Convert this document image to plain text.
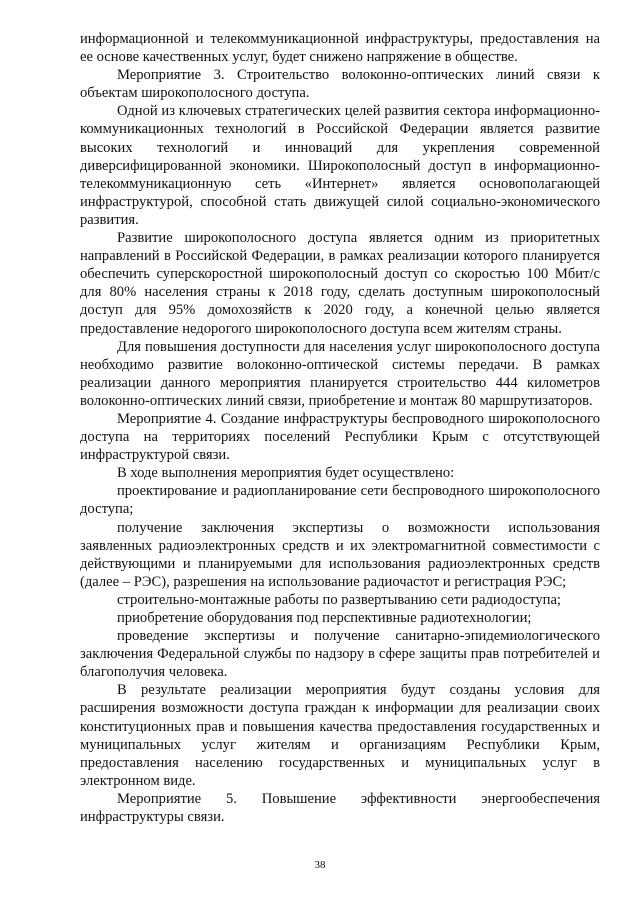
информационной и телекоммуникационной инфраструктуры, предоставления на ее основе качественных услуг, будет снижено напряжение в обществе.

Мероприятие 3. Строительство волоконно-оптических линий связи к объектам широкополосного доступа.

Одной из ключевых стратегических целей развития сектора информационно-коммуникационных технологий в Российской Федерации является развитие высоких технологий и инноваций для укрепления современной диверсифицированной экономики. Широкополосный доступ в информационно-телекоммуникационную сеть «Интернет» является основополагающей инфраструктурой, способной стать движущей силой социально-экономического развития.

Развитие широкополосного доступа является одним из приоритетных направлений в Российской Федерации, в рамках реализации которого планируется обеспечить суперскоростной широкополосный доступ со скоростью 100 Мбит/с для 80% населения страны к 2018 году, сделать доступным широкополосный доступ для 95% домохозяйств к 2020 году, а конечной целью является предоставление недорогого широкополосного доступа всем жителям страны.

Для повышения доступности для населения услуг широкополосного доступа необходимо развитие волоконно-оптической системы передачи. В рамках реализации данного мероприятия планируется строительство 444 километров волоконно-оптических линий связи, приобретение и монтаж 80 маршрутизаторов.

Мероприятие 4. Создание инфраструктуры беспроводного широкополосного доступа на территориях поселений Республики Крым с отсутствующей инфраструктурой связи.

В ходе выполнения мероприятия будет осуществлено:

проектирование и радиопланирование сети беспроводного широкополосного доступа;

получение заключения экспертизы о возможности использования заявленных радиоэлектронных средств и их электромагнитной совместимости с действующими и планируемыми для использования радиоэлектронных средств (далее – РЭС), разрешения на использование радиочастот и регистрация РЭС;

строительно-монтажные работы по развертыванию сети радиодоступа;

приобретение оборудования под перспективные радиотехнологии;

проведение экспертизы и получение санитарно-эпидемиологического заключения Федеральной службы по надзору в сфере защиты прав потребителей и благополучия человека.

В результате реализации мероприятия будут созданы условия для расширения возможности доступа граждан к информации для реализации своих конституционных прав и повышения качества предоставления государственных и муниципальных услуг жителям и организациям Республики Крым, предоставления населению государственных и муниципальных услуг в электронном виде.

Мероприятие 5. Повышение эффективности энергообеспечения инфраструктуры связи.

38
